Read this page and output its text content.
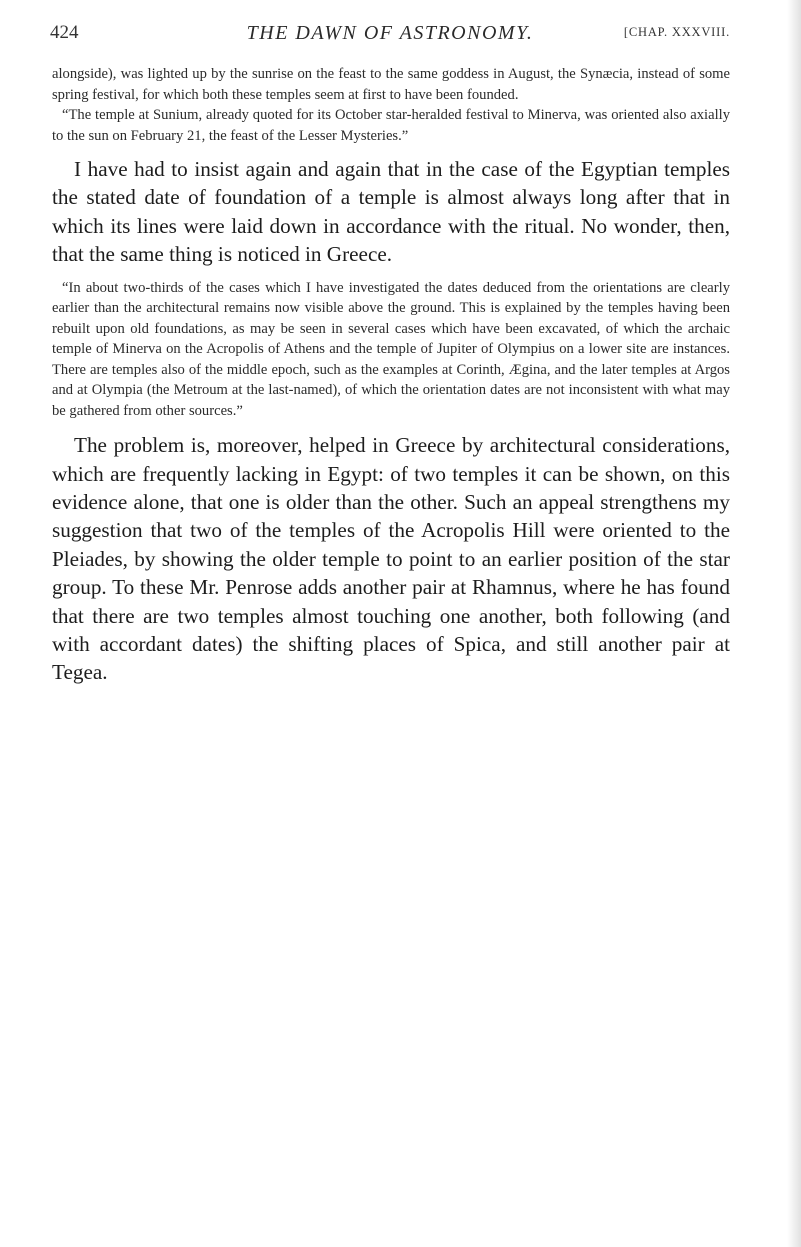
424	THE DAWN OF ASTRONOMY.	[CHAP. XXXVIII.

alongside), was lighted up by the sunrise on the feast to the same goddess in August, the Synæcia, instead of some spring festival, for which both these temples seem at first to have been founded.

“The temple at Sunium, already quoted for its October star-heralded festival to Minerva, was oriented also axially to the sun on February 21, the feast of the Lesser Mysteries.”

I have had to insist again and again that in the case of the Egyptian temples the stated date of foundation of a temple is almost always long after that in which its lines were laid down in accordance with the ritual. No wonder, then, that the same thing is noticed in Greece.

“In about two-thirds of the cases which I have investigated the dates deduced from the orientations are clearly earlier than the architectural remains now visible above the ground. This is explained by the temples having been rebuilt upon old foundations, as may be seen in several cases which have been excavated, of which the archaic temple of Minerva on the Acropolis of Athens and the temple of Jupiter of Olympius on a lower site are instances. There are temples also of the middle epoch, such as the examples at Corinth, Ægina, and the later temples at Argos and at Olympia (the Metroum at the last-named), of which the orientation dates are not inconsistent with what may be gathered from other sources.”

The problem is, moreover, helped in Greece by architectural considerations, which are frequently lacking in Egypt: of two temples it can be shown, on this evidence alone, that one is older than the other. Such an appeal strengthens my suggestion that two of the temples of the Acropolis Hill were oriented to the Pleiades, by showing the older temple to point to an earlier position of the star group. To these Mr. Penrose adds another pair at Rhamnus, where he has found that there are two temples almost touching one another, both following (and with accordant dates) the shifting places of Spica, and still another pair at Tegea.
